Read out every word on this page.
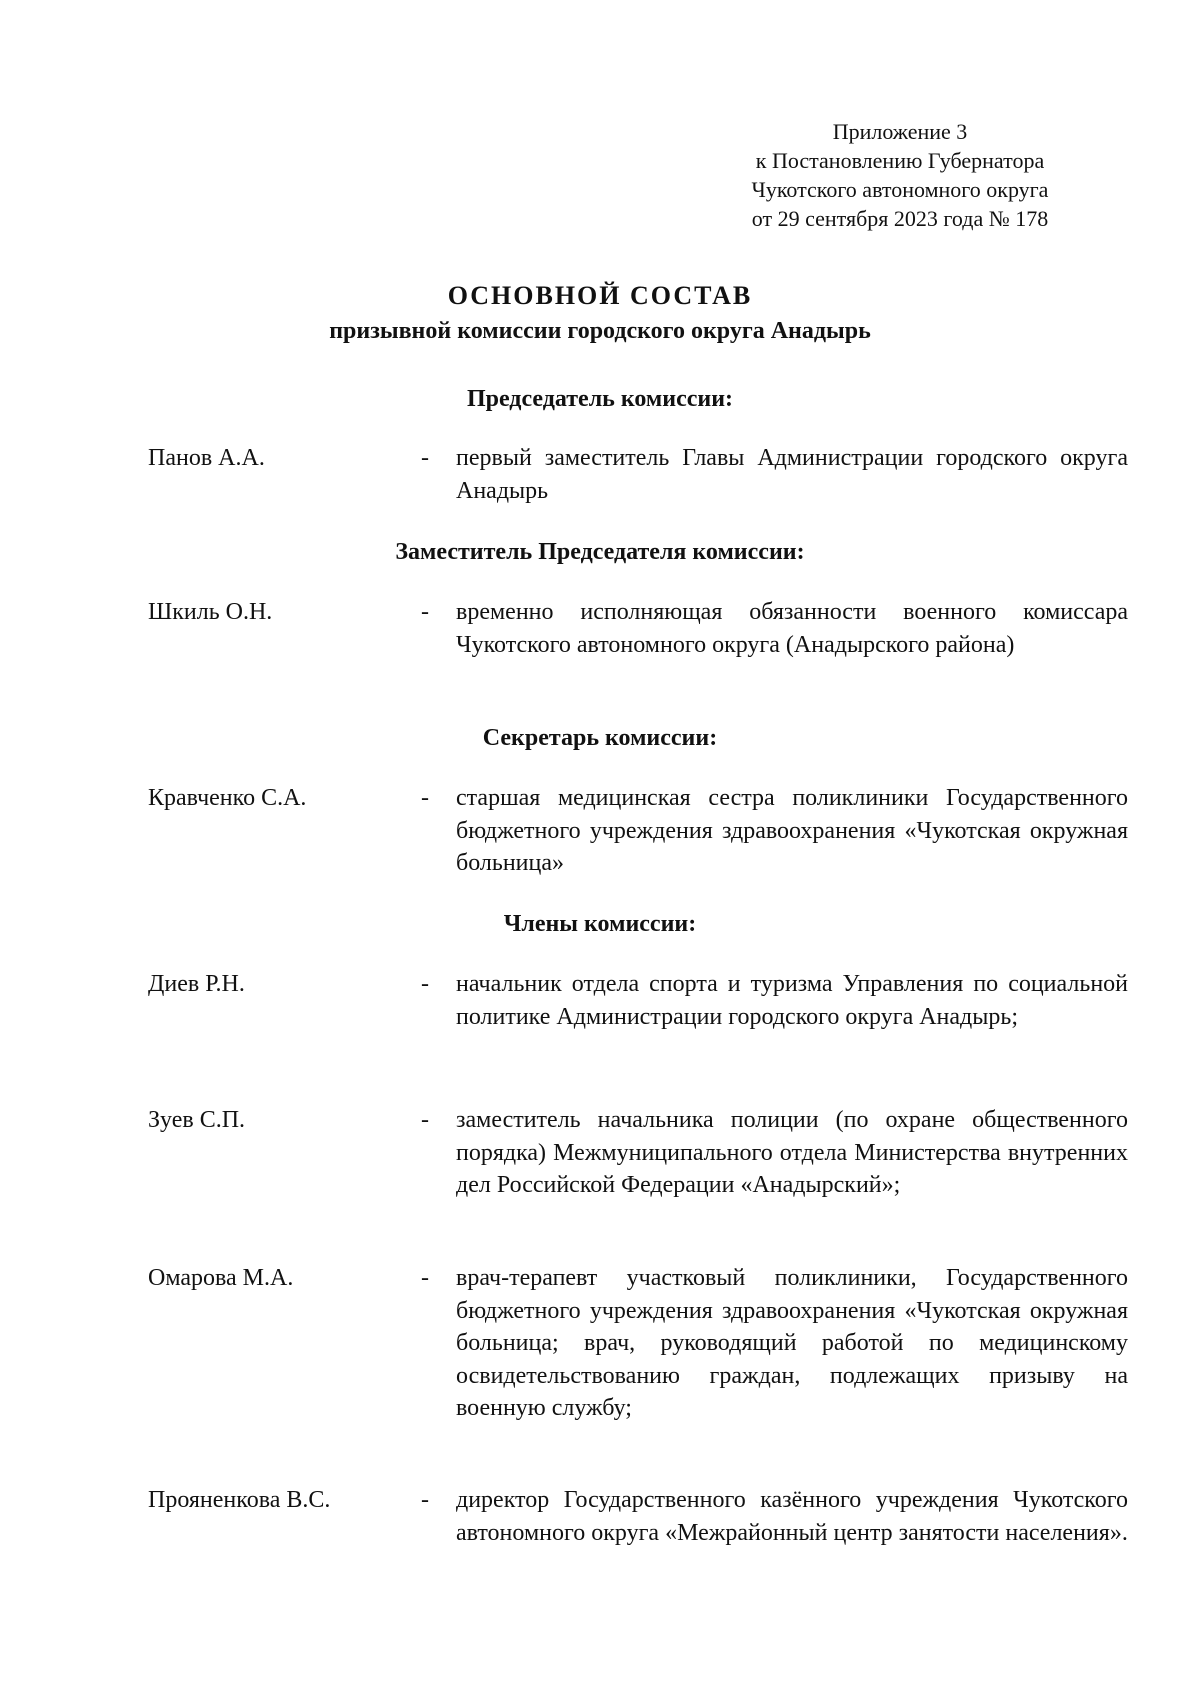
Приложение 3
к Постановлению Губернатора
Чукотского автономного округа
от 29 сентября 2023 года № 178
ОСНОВНОЙ СОСТАВ
призывной комиссии городского округа Анадырь
Председатель комиссии:
Панов А.А.	- первый заместитель Главы Администрации городского округа Анадырь
Заместитель Председателя комиссии:
Шкиль О.Н.	- временно исполняющая обязанности военного комиссара Чукотского автономного округа (Анадырского района)
Секретарь комиссии:
Кравченко С.А.	- старшая медицинская сестра поликлиники Государственного бюджетного учреждения здравоохранения «Чукотская окружная больница»
Члены комиссии:
Диев Р.Н.	- начальник отдела спорта и туризма Управления по социальной политике Администрации городского округа Анадырь;
Зуев С.П.	- заместитель начальника полиции (по охране общественного порядка) Межмуниципального отдела Министерства внутренних дел Российской Федерации «Анадырский»;
Омарова М.А.	- врач-терапевт участковый поликлиники, Государственного бюджетного учреждения здравоохранения «Чукотская окружная больница; врач, руководящий работой по медицинскому освидетельствованию граждан, подлежащих призыву на военную службу;
Прояненкова В.С.	- директор Государственного казённого учреждения Чукотского автономного округа «Межрайонный центр занятости населения».
